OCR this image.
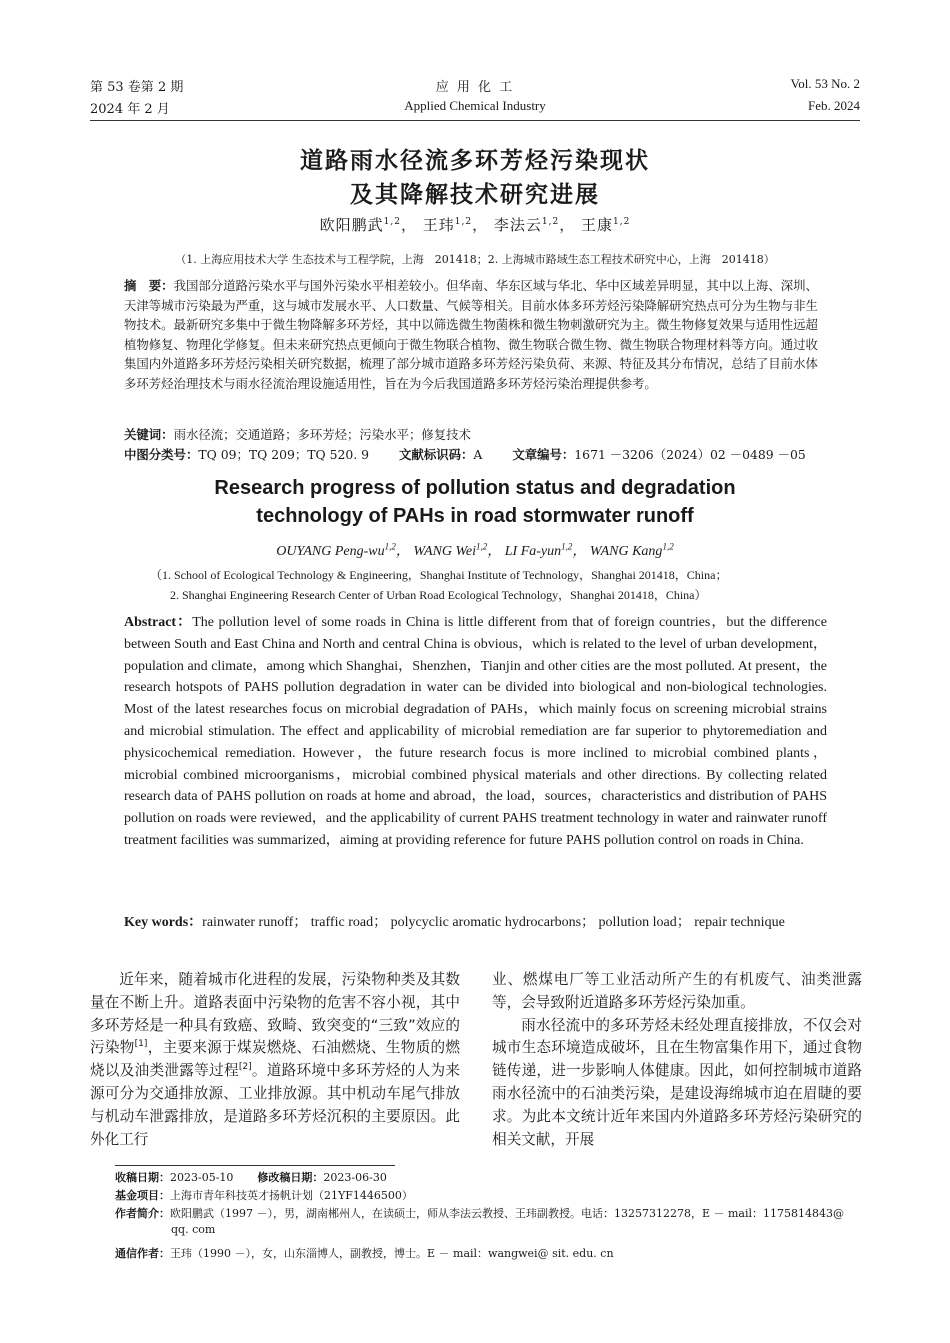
第 53 卷第 2 期	应 用 化 工	Vol. 53 No. 2
2024 年 2 月	Applied Chemical Industry	Feb. 2024
道路雨水径流多环芳烃污染现状
及其降解技术研究进展
欧阳鹏武$^{1,2}$， 王玮$^{1,2}$， 李法云$^{1,2}$， 王康$^{1,2}$
（1. 上海应用技术大学 生态技术与工程学院，上海　201418；2. 上海城市路域生态工程技术研究中心，上海　201418）
摘　要：我国部分道路污染水平与国外污染水平相差较小。但华南、华东区域与华北、华中区域差异明显，其中以上海、深圳、天津等城市污染最为严重，这与城市发展水平、人口数量、气候等相关。目前水体多环芳烃污染降解研究热点可分为生物与非生物技术。最新研究多集中于微生物降解多环芳烃，其中以筛选微生物菌株和微生物刺激研究为主。微生物修复效果与适用性远超植物修复、物理化学修复。但未来研究热点更倾向于微生物联合植物、微生物联合微生物、微生物联合物理材料等方向。通过收集国内外道路多环芳烃污染相关研究数据，梳理了部分城市道路多环芳烃污染负荷、来源、特征及其分布情况，总结了目前水体多环芳烃治理技术与雨水径流治理设施适用性，旨在为今后我国道路多环芳烃污染治理提供参考。
关键词：雨水径流；交通道路；多环芳烃；污染水平；修复技术
中图分类号：TQ 09；TQ 209；TQ 520. 9 文献标识码：A 文章编号：1671 －3206（2024）02 －0489 －05
Research progress of pollution status and degradation
technology of PAHs in road stormwater runoff
OUYANG Peng-wu$^{1,2}$， WANG Wei$^{1,2}$， LI Fa-yun$^{1,2}$， WANG Kang$^{1,2}$
（1. School of Ecological Technology & Engineering，Shanghai Institute of Technology，Shanghai 201418，China；
2. Shanghai Engineering Research Center of Urban Road Ecological Technology，Shanghai 201418，China）
Abstract：The pollution level of some roads in China is little different from that of foreign countries，but the difference between South and East China and North and central China is obvious，which is related to the level of urban development，population and climate，among which Shanghai，Shenzhen，Tianjin and other cities are the most polluted. At present，the research hotspots of PAHS pollution degradation in water can be divided into biological and non-biological technologies. Most of the latest researches focus on microbial degradation of PAHs，which mainly focus on screening microbial strains and microbial stimulation. The effect and applicability of microbial remediation are far superior to phytoremediation and physicochemical remediation. However，the future research focus is more inclined to microbial combined plants，microbial combined microorganisms，microbial combined physical materials and other directions. By collecting related research data of PAHS pollution on roads at home and abroad，the load，sources，characteristics and distribution of PAHS pollution on roads were reviewed，and the applicability of current PAHS treatment technology in water and rainwater runoff treatment facilities was summarized，aiming at providing reference for future PAHS pollution control on roads in China.
Key words：rainwater runoff； traffic road； polycyclic aromatic hydrocarbons； pollution load； repair technique

近年来，随着城市化进程的发展，污染物种类及其数量在不断上升。道路表面中污染物的危害不容小视，其中多环芳烃是一种具有致癌、致畸、致突变的“三致”效应的污染物[1]，主要来源于煤炭燃烧、石油燃烧、生物质的燃烧以及油类泄露等过程[2]。道路环境中多环芳烃的人为来源可分为交通排放源、工业排放源。其中机动车尾气排放与机动车泄露排放，是道路多环芳烃沉积的主要原因。此外化工行

业、燃煤电厂等工业活动所产生的有机废气、油类泄露等，会导致附近道路多环芳烃污染加重。

雨水径流中的多环芳烃未经处理直接排放，不仅会对城市生态环境造成破坏，且在生物富集作用下，通过食物链传递，进一步影响人体健康。因此，如何控制城市道路雨水径流中的石油类污染，是建设海绵城市迫在眉睫的要求。为此本文统计近年来国内外道路多环芳烃污染研究的相关文献，开展

收稿日期：2023-05-10 修改稿日期：2023-06-30
基金项目：上海市青年科技英才扬帆计划（21YF1446500）
作者简介：欧阳鹏武（1997 －），男，湖南郴州人，在读硕士，师从李法云教授、王玮副教授。电话：13257312278，E － mail：1175814843@ qq. com
通信作者：王玮（1990 －），女，山东淄博人，副教授，博士。E － mail：wangwei@ sit. edu. cn
